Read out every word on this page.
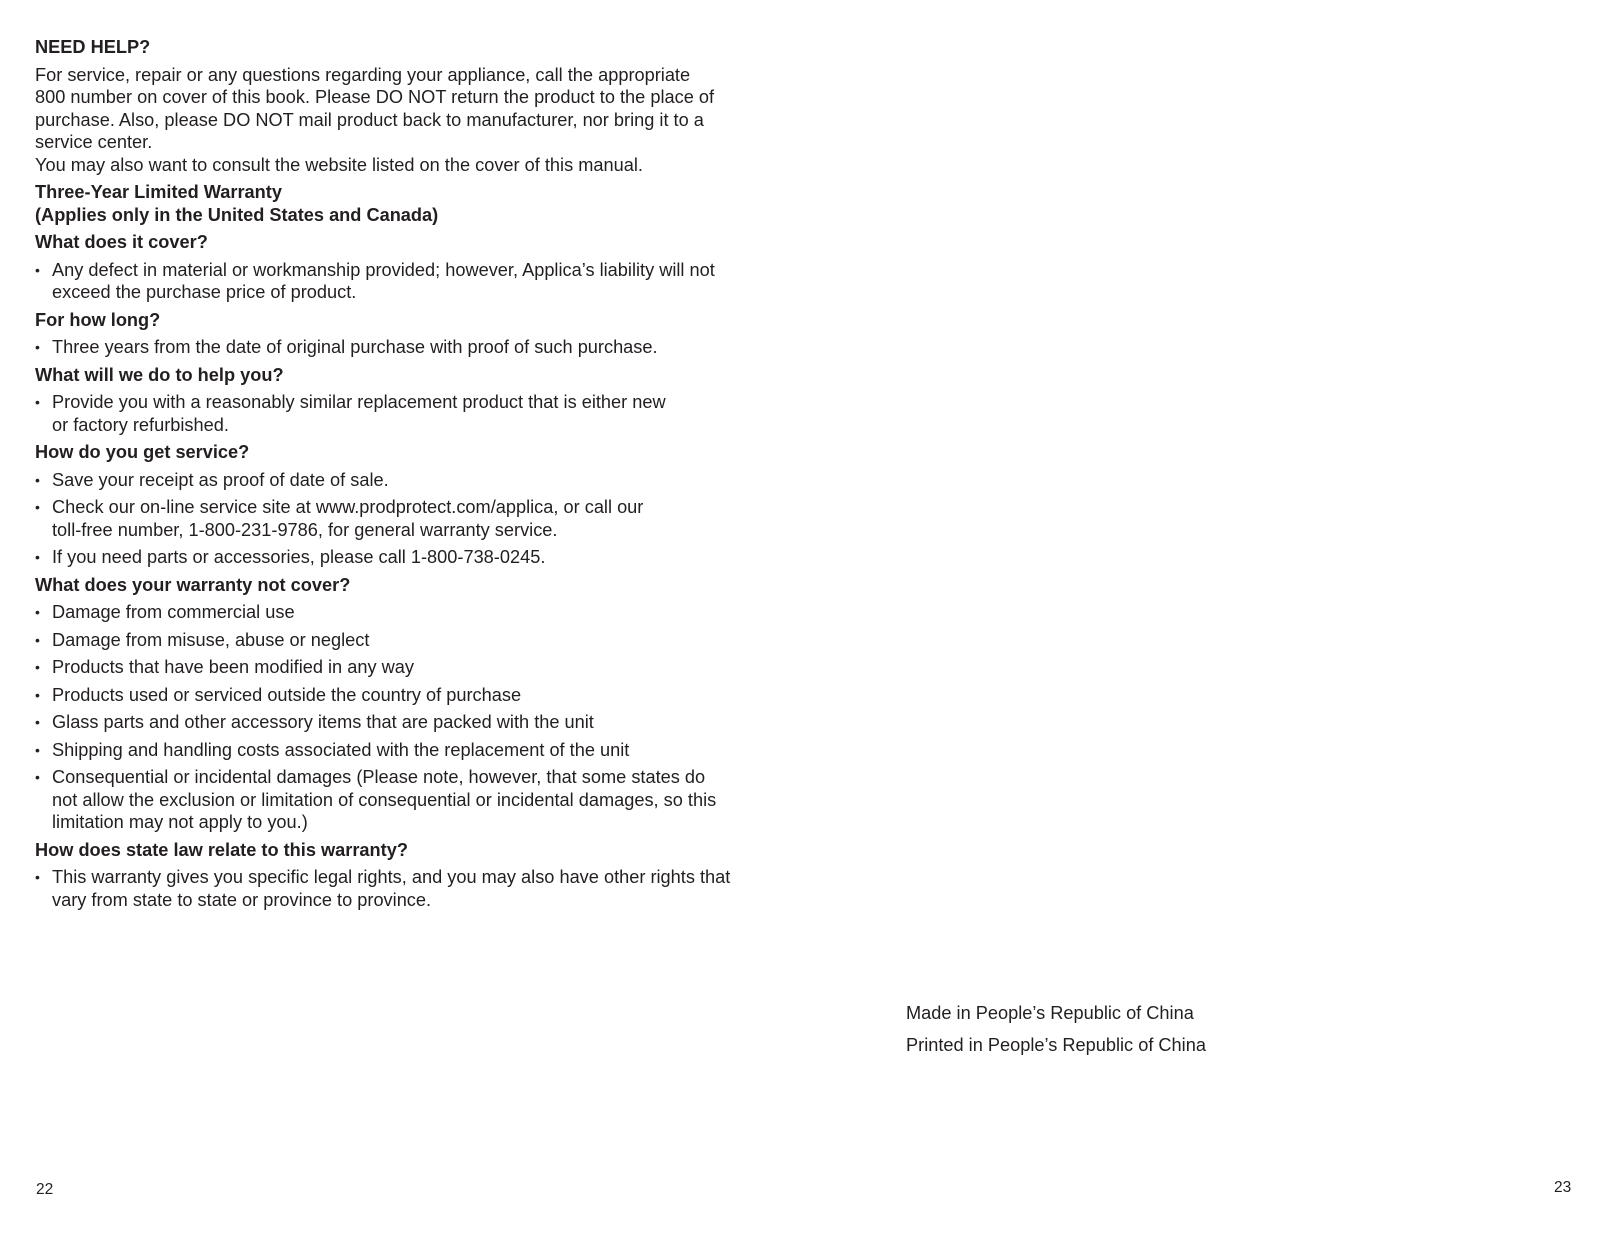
NEED HELP?
For service, repair or any questions regarding your appliance, call the appropriate
800 number on cover of this book. Please DO NOT return the product to the place of
purchase. Also, please DO NOT mail product back to manufacturer, nor bring it to a
service center.
You may also want to consult the website listed on the cover of this manual.
Three-Year Limited Warranty
(Applies only in the United States and Canada)
What does it cover?
• Any defect in material or workmanship provided; however, Applica’s liability will not
exceed the purchase price of product.
For how long?
• Three years from the date of original purchase with proof of such purchase.
What will we do to help you?
• Provide you with a reasonably similar replacement product that is either new
or factory refurbished.
How do you get service?
• Save your receipt as proof of date of sale.
• Check our on-line service site at www.prodprotect.com/applica, or call our
toll-free number, 1-800-231-9786, for general warranty service.
• If you need parts or accessories, please call 1-800-738-0245.
What does your warranty not cover?
• Damage from commercial use
• Damage from misuse, abuse or neglect
• Products that have been modified in any way
• Products used or serviced outside the country of purchase
• Glass parts and other accessory items that are packed with the unit
• Shipping and handling costs associated with the replacement of the unit
• Consequential or incidental damages (Please note, however, that some states do
not allow the exclusion or limitation of consequential or incidental damages, so this
limitation may not apply to you.)
How does state law relate to this warranty?
• This warranty gives you specific legal rights, and you may also have other rights that
vary from state to state or province to province.
Made in People’s Republic of China
Printed in People’s Republic of China
22	23
